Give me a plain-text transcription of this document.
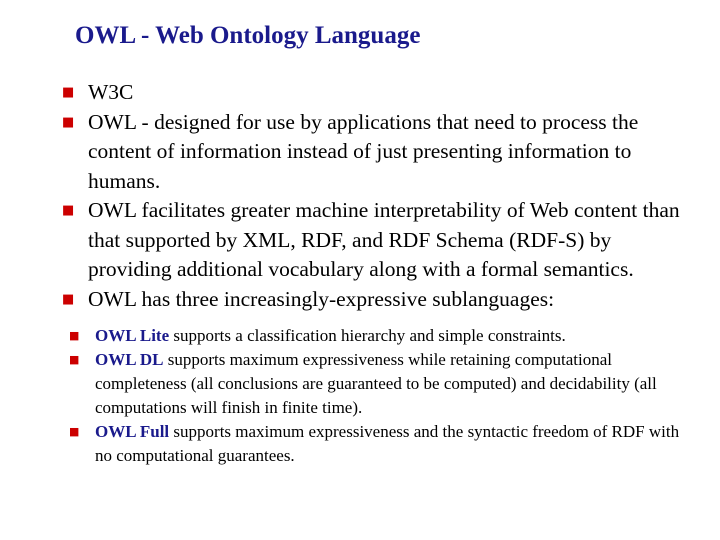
OWL - Web Ontology Language
■ W3C
■ OWL - designed for use by applications that need to process the content of information instead of just presenting information to humans.
■ OWL facilitates greater machine interpretability of Web content than that supported by XML, RDF, and RDF Schema (RDF-S) by providing additional vocabulary along with a formal semantics.
■ OWL has three increasingly-expressive sublanguages:
■ OWL Lite supports a classification hierarchy and simple constraints.
■ OWL DL supports maximum expressiveness while retaining computational completeness (all conclusions are guaranteed to be computed) and decidability (all computations will finish in finite time).
■ OWL Full supports maximum expressiveness and the syntactic freedom of RDF with no computational guarantees.
